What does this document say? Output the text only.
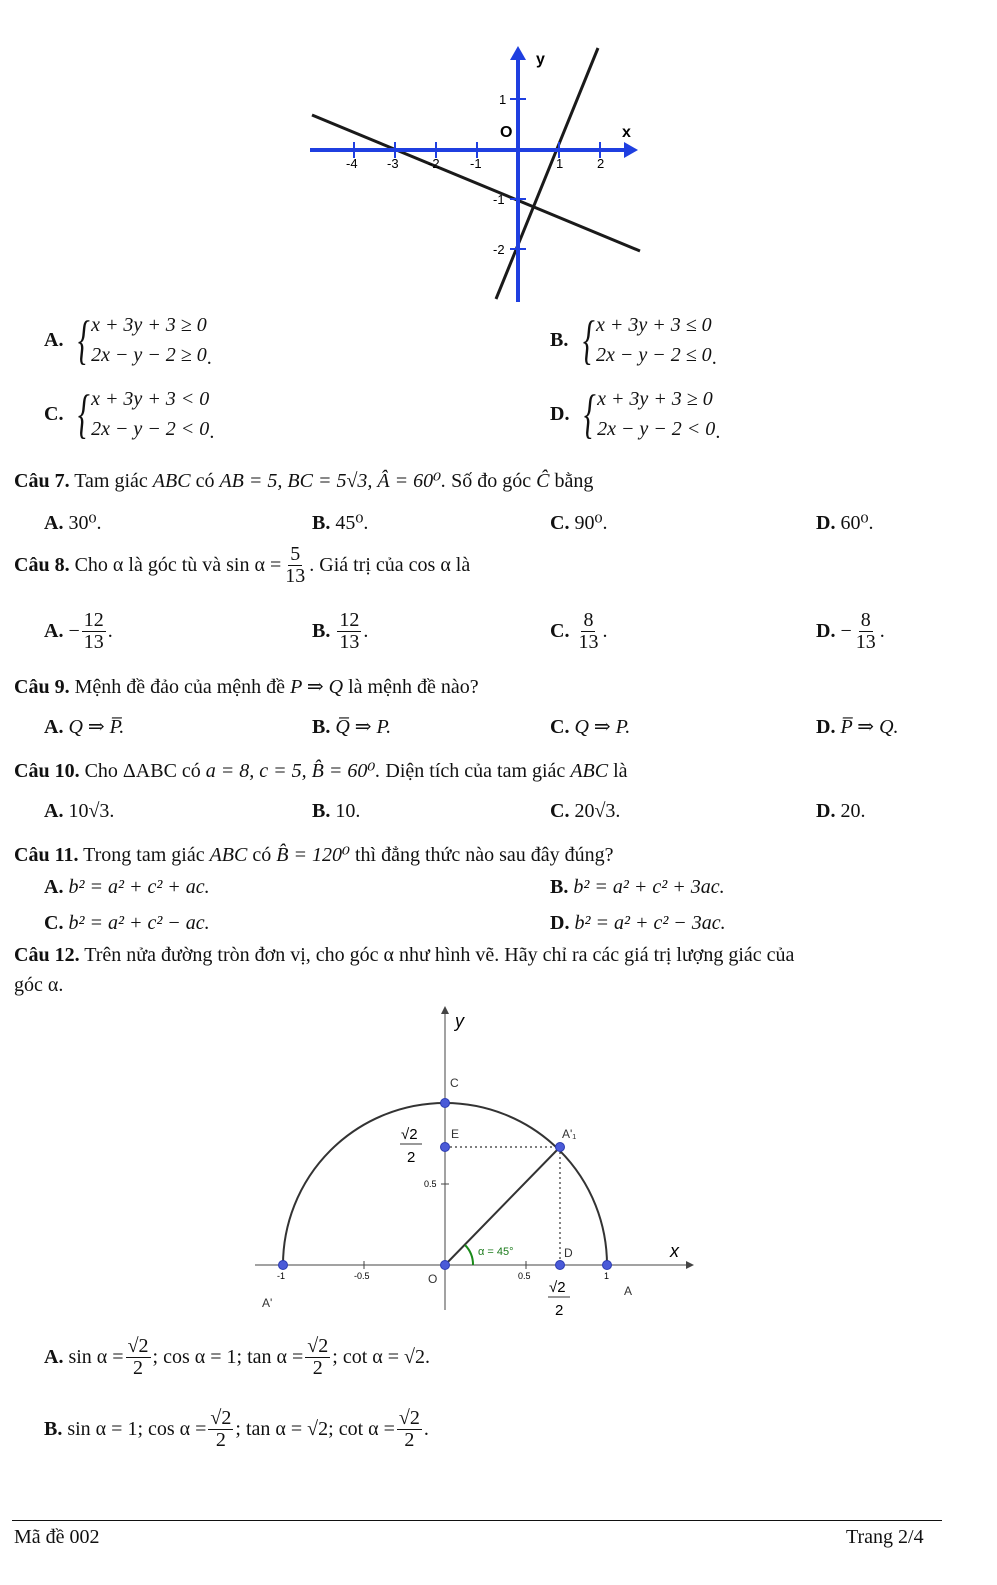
-4 -3 -2 -1	1	2
1
-1
-2
O	x
y
A. { x + 3y + 3 ≥ 0
2x − y − 2 ≥ 0 .
B. { x + 3y + 3 ≤ 0
2x − y − 2 ≤ 0 .
C. { x + 3y + 3 < 0
2x − y − 2 < 0 .
D. { x + 3y + 3 ≥ 0
2x − y − 2 < 0 .
Câu 7. Tam giác ABC có AB = 5, BC = 5√3, Â = 60⁰. Số đo góc Ĉ bằng
A. 30⁰.	B. 45⁰.	C. 90⁰.	D. 60⁰.
Câu 8.
Cho α là góc tù và $\sin \alpha = \frac{5}{13}$ . Giá trị của cos α là
A.
− $\frac{12}{13}$ .	B.
$\frac{12}{13}$ .	C.
$\frac{8}{13}$ .	D.
− $\frac{8}{13}$ .
Câu 9. Mệnh đề đảo của mệnh đề P ⇒ Q là mệnh đề nào?
A. Q ⇒ P̅.	B. Q̅ ⇒ P.	C. Q ⇒ P.	D. P̅ ⇒ Q.
Câu 10. Cho ΔABC có a = 8, c = 5, B̂ = 60⁰. Diện tích của tam giác ABC là
A. 10√3.	B. 10.	C. 20√3.	D. 20.
Câu 11. Trong tam giác ABC có B̂ = 120⁰ thì đẳng thức nào sau đây đúng?
A. b² = a² + c² + ac.	B. b² = a² + c² + 3ac.
C. b² = a² + c² − ac.	D. b² = a² + c² − 3ac.
Câu 12. Trên nửa đường tròn đơn vị, cho góc α như hình vẽ. Hãy chỉ ra các giá trị lượng giác của
góc α.
α = 45°
-1	-0.5	0.5	1
0.5
C
E	A'₁
D
O
A
A'
x
y
√2
2
√2
2
A.
$\sin \alpha = \frac{√2}{2}$ ; cos α = 1; $\tan \alpha = \frac{√2}{2}$ ; cot α = √2.
B.
sin α = 1; $\cos \alpha = \frac{√2}{2}$ ; tan α = √2; $\cot \alpha = \frac{√2}{2}$ .
Mã đề 002	Trang 2/4
